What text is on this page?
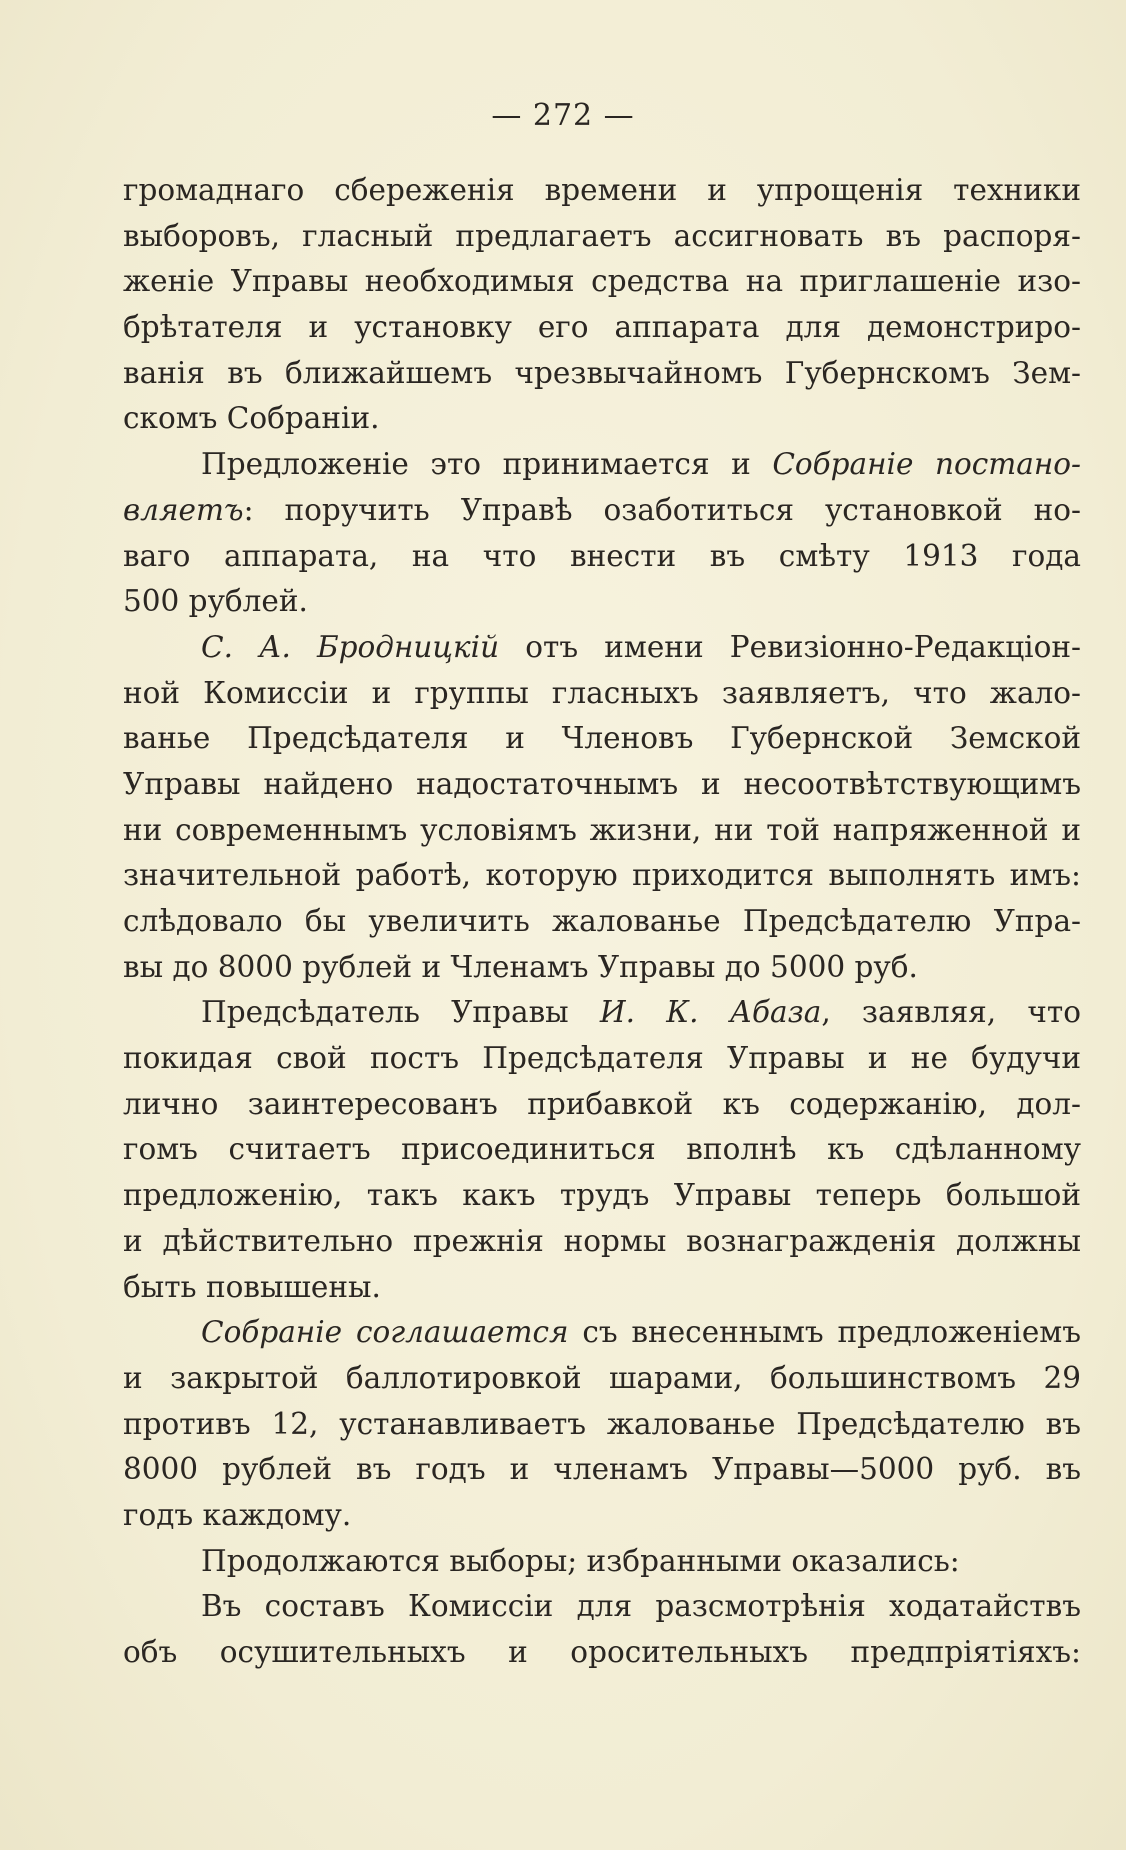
— 272 —
громаднаго сбереженія времени и упрощенія техники
выборовъ, гласный предлагаетъ ассигновать въ распоря-
женіе Управы необходимыя средства на приглашеніе изо-
брѣтателя и установку его аппарата для демонстриро-
ванія въ ближайшемъ чрезвычайномъ Губернскомъ Зем-
скомъ Собраніи.
Предложеніе это принимается и Собраніе постано-
вляетъ: поручить Управѣ озаботиться установкой но-
ваго аппарата, на что внести въ смѣту 1913 года
500 рублей.
С. А. Бродницкій отъ имени Ревизіонно-Редакціон-
ной Комиссіи и группы гласныхъ заявляетъ, что жало-
ванье Предсѣдателя и Членовъ Губернской Земской
Управы найдено надостаточнымъ и несоотвѣтствующимъ
ни современнымъ условіямъ жизни, ни той напряженной и
значительной работѣ, которую приходится выполнять имъ:
слѣдовало бы увеличить жалованье Предсѣдателю Упра-
вы до 8000 рублей и Членамъ Управы до 5000 руб.
Предсѣдатель Управы И. К. Абаза, заявляя, что
покидая свой постъ Предсѣдателя Управы и не будучи
лично заинтересованъ прибавкой къ содержанію, дол-
гомъ считаетъ присоединиться вполнѣ къ сдѣланному
предложенію, такъ какъ трудъ Управы теперь большой
и дѣйствительно прежнія нормы вознагражденія должны
быть повышены.
Собраніе соглашается съ внесеннымъ предложеніемъ
и закрытой баллотировкой шарами, большинствомъ 29
противъ 12, устанавливаетъ жалованье Предсѣдателю въ
8000 рублей въ годъ и членамъ Управы—5000 руб. въ
годъ каждому.
Продолжаются выборы; избранными оказались:
Въ составъ Комиссіи для разсмотрѣнія ходатайствъ
объ осушительныхъ и оросительныхъ предпріятіяхъ:
